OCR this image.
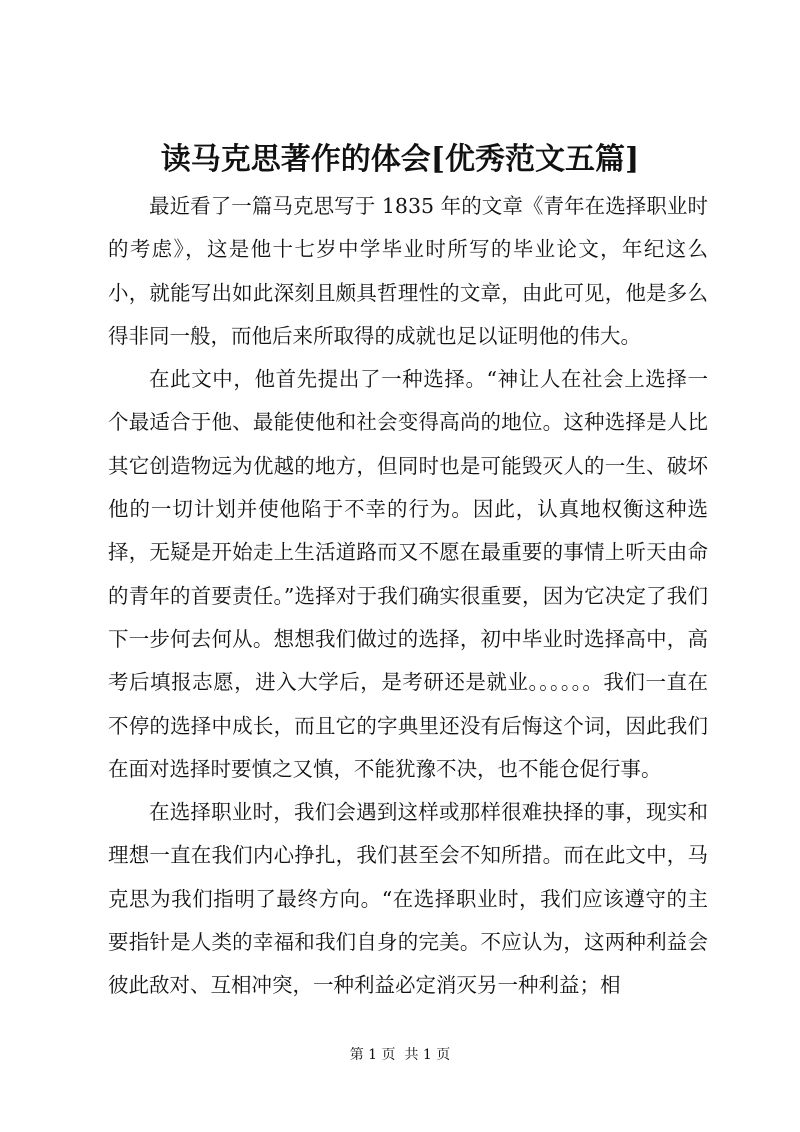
读马克思著作的体会[优秀范文五篇]

最近看了一篇马克思写于 1835 年的文章《青年在选择职业时的考虑》，这是他十七岁中学毕业时所写的毕业论文，年纪这么小，就能写出如此深刻且颇具哲理性的文章，由此可见，他是多么得非同一般，而他后来所取得的成就也足以证明他的伟大。

在此文中，他首先提出了一种选择。“神让人在社会上选择一个最适合于他、最能使他和社会变得高尚的地位。这种选择是人比其它创造物远为优越的地方，但同时也是可能毁灭人的一生、破坏他的一切计划并使他陷于不幸的行为。因此，认真地权衡这种选择，无疑是开始走上生活道路而又不愿在最重要的事情上听天由命的青年的首要责任。”选择对于我们确实很重要，因为它决定了我们下一步何去何从。想想我们做过的选择，初中毕业时选择高中，高考后填报志愿，进入大学后，是考研还是就业。。。。。。我们一直在不停的选择中成长，而且它的字典里还没有后悔这个词，因此我们在面对选择时要慎之又慎，不能犹豫不决，也不能仓促行事。

在选择职业时，我们会遇到这样或那样很难抉择的事，现实和理想一直在我们内心挣扎，我们甚至会不知所措。而在此文中，马克思为我们指明了最终方向。“在选择职业时，我们应该遵守的主要指针是人类的幸福和我们自身的完美。不应认为，这两种利益会彼此敌对、互相冲突，一种利益必定消灭另一种利益；相

第 1 页  共 1 页
